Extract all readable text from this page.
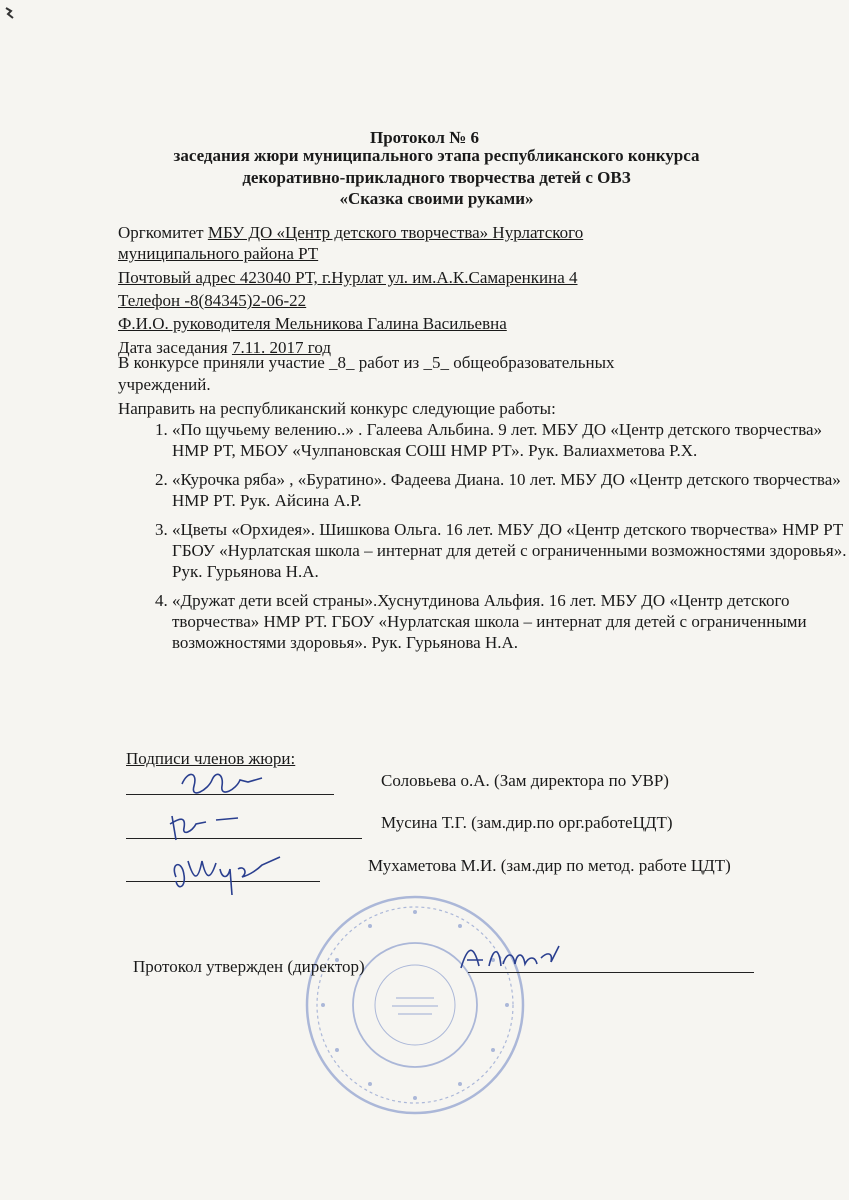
Протокол № 6
заседания жюри муниципального этапа республиканского конкурса
декоративно-прикладного творчества детей с ОВЗ
«Сказка своими руками»
Оргкомитет МБУ ДО «Центр детского творчества» Нурлатского
муниципального района РТ
Почтовый адрес 423040 РТ, г.Нурлат ул. им.А.К.Самаренкина 4
Телефон -8(84345)2-06-22
Ф.И.О. руководителя Мельникова Галина Васильевна
Дата заседания 7.11. 2017 год
В конкурсе приняли участие _8_ работ из _5_ общеобразовательных
учреждений.
Направить на республиканский конкурс следующие работы:
1. «По щучьему велению..» . Галеева Альбина. 9 лет. МБУ ДО «Центр детского творчества» НМР РТ, МБОУ «Чулпановская СОШ НМР РТ». Рук. Валиахметова Р.Х.
2. «Курочка ряба» , «Буратино». Фадеева Диана. 10 лет. МБУ ДО «Центр детского творчества» НМР РТ. Рук. Айсина А.Р.
3. «Цветы «Орхидея». Шишкова Ольга. 16 лет. МБУ ДО «Центр детского творчества» НМР РТ ГБОУ «Нурлатская школа – интернат для детей с ограниченными возможностями здоровья». Рук. Гурьянова Н.А.
4. «Дружат дети всей страны».Хуснутдинова Альфия. 16 лет. МБУ ДО «Центр детского творчества» НМР РТ. ГБОУ «Нурлатская школа – интернат для детей с ограниченными возможностями здоровья». Рук. Гурьянова Н.А.
Подписи членов жюри:
Соловьева о.А. (Зам директора по УВР)
Мусина Т.Г. (зам.дир.по орг.работеЦДТ)
Мухаметова М.И. (зам.дир по метод. работе ЦДТ)
Протокол утвержден (директор)
